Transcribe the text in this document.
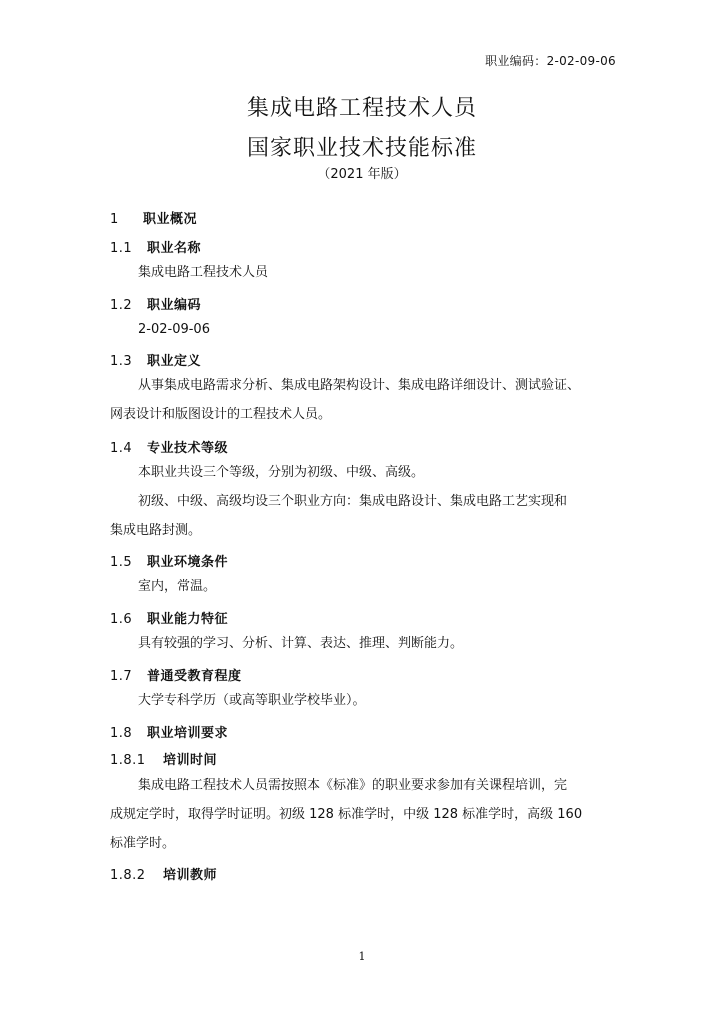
职业编码：2-02-09-06
集成电路工程技术人员
国家职业技术技能标准
（2021 年版）
1 职业概况
1.1 职业名称
集成电路工程技术人员
1.2 职业编码
2-02-09-06
1.3 职业定义
从事集成电路需求分析、集成电路架构设计、集成电路详细设计、测试验证、
网表设计和版图设计的工程技术人员。
1.4 专业技术等级
本职业共设三个等级，分别为初级、中级、高级。
初级、中级、高级均设三个职业方向：集成电路设计、集成电路工艺实现和
集成电路封测。
1.5 职业环境条件
室内，常温。
1.6 职业能力特征
具有较强的学习、分析、计算、表达、推理、判断能力。
1.7 普通受教育程度
大学专科学历（或高等职业学校毕业）。
1.8 职业培训要求
1.8.1 培训时间
集成电路工程技术人员需按照本《标准》的职业要求参加有关课程培训，完
成规定学时，取得学时证明。初级 128 标准学时，中级 128 标准学时，高级 160
标准学时。
1.8.2 培训教师
1
